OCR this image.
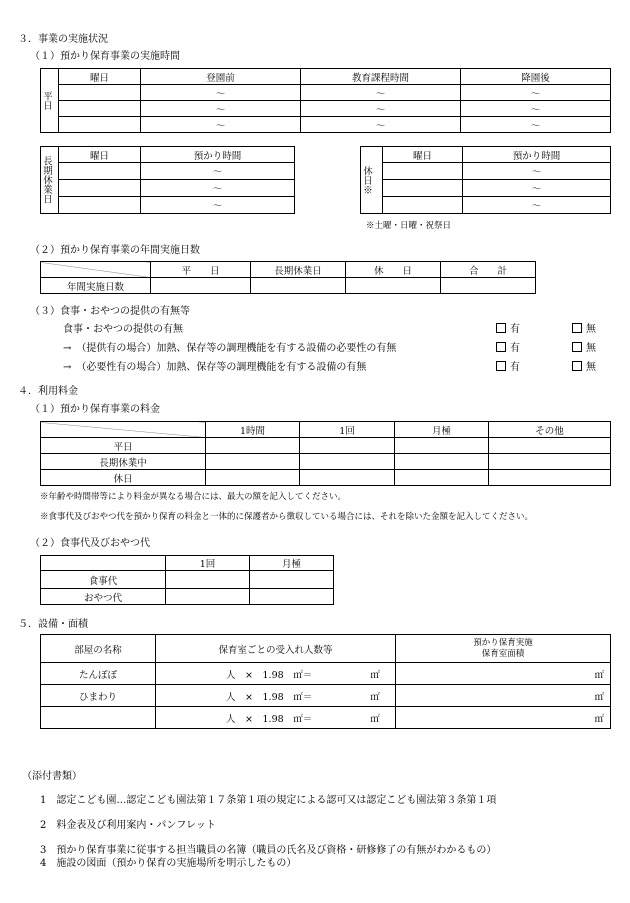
３．事業の実施状況
（１）預かり保育事業の実施時間
平日	曜日	登園前	教育課程時間	降園後
		～	～	～
		～	～	～
		～	～	～
長期休業日	曜日	預かり時間
		～
		～
		～
休日※	曜日	預かり時間
		～
		～
		～
※土曜・日曜・祝祭日
（２）預かり保育事業の年間実施日数
	平　　日	長期休業日	休　　日	合　　計
年間実施日数				
（３）食事・おやつの提供の有無等
食事・おやつの提供の有無	有	無
→　（提供有の場合）加熱、保存等の調理機能を有する設備の必要性の有無	有	無
→　（必要性有の場合）加熱、保存等の調理機能を有する設備の有無	有	無
４．利用料金
（１）預かり保育事業の料金
	1時間	1回	月極	その他
平日				
長期休業中				
休日				
※年齢や時間帯等により料金が異なる場合には、最大の額を記入してください。
※食事代及びおやつ代を預かり保育の料金と一体的に保護者から徴収している場合には、それを除いた金額を記入してください。
（２）食事代及びおやつ代
	1回	月極
食事代		
おやつ代		
５．設備・面積
部屋の名称	保育室ごとの受入れ人数等	預かり保育実施
保育室面積

たんぽぽ	人　 ×　 1.98　 ㎡＝ ㎡	㎡
ひまわり	人　 ×　 1.98　 ㎡＝ ㎡	㎡
	人　 ×　 1.98　 ㎡＝ ㎡	㎡
（添付書類）
1　 認定こども園…認定こども園法第１７条第１項の規定による認可又は認定こども園法第３条第１項
2　 料金表及び利用案内・パンフレット
3　 預かり保育事業に従事する担当職員の名簿（職員の氏名及び資格・研修修了の有無がわかるもの）
4　 施設の図面（預かり保育の実施場所を明示したもの）
